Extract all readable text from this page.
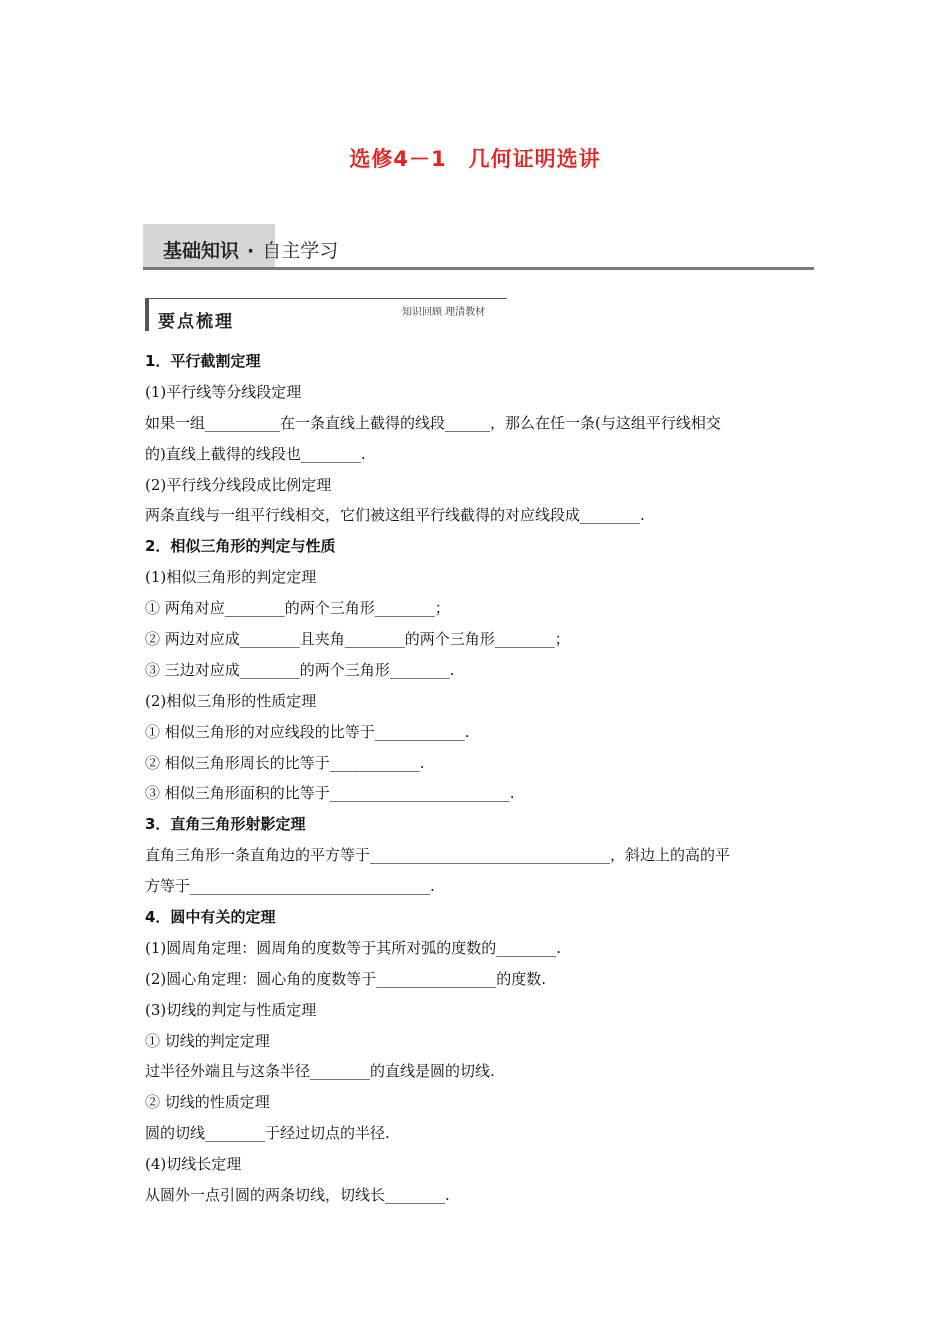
选修4－1　几何证明选讲
基础知识 · 自主学习
要点梳理	知识回顾 理清教材
1．平行截割定理
(1)平行线等分线段定理
如果一组__________在一条直线上截得的线段______，那么在任一条(与这组平行线相交
的)直线上截得的线段也________.
(2)平行线分线段成比例定理
两条直线与一组平行线相交，它们被这组平行线截得的对应线段成________.
2．相似三角形的判定与性质
(1)相似三角形的判定定理
① 两角对应________的两个三角形________；
② 两边对应成________且夹角________的两个三角形________；
③ 三边对应成________的两个三角形________.
(2)相似三角形的性质定理
① 相似三角形的对应线段的比等于____________.
② 相似三角形周长的比等于____________.
③ 相似三角形面积的比等于________________________.
3．直角三角形射影定理
直角三角形一条直角边的平方等于________________________________，斜边上的高的平
方等于________________________________.
4．圆中有关的定理
(1)圆周角定理：圆周角的度数等于其所对弧的度数的________.
(2)圆心角定理：圆心角的度数等于________________的度数.
(3)切线的判定与性质定理
① 切线的判定定理
过半径外端且与这条半径________的直线是圆的切线.
② 切线的性质定理
圆的切线________于经过切点的半径.
(4)切线长定理
从圆外一点引圆的两条切线，切线长________.
